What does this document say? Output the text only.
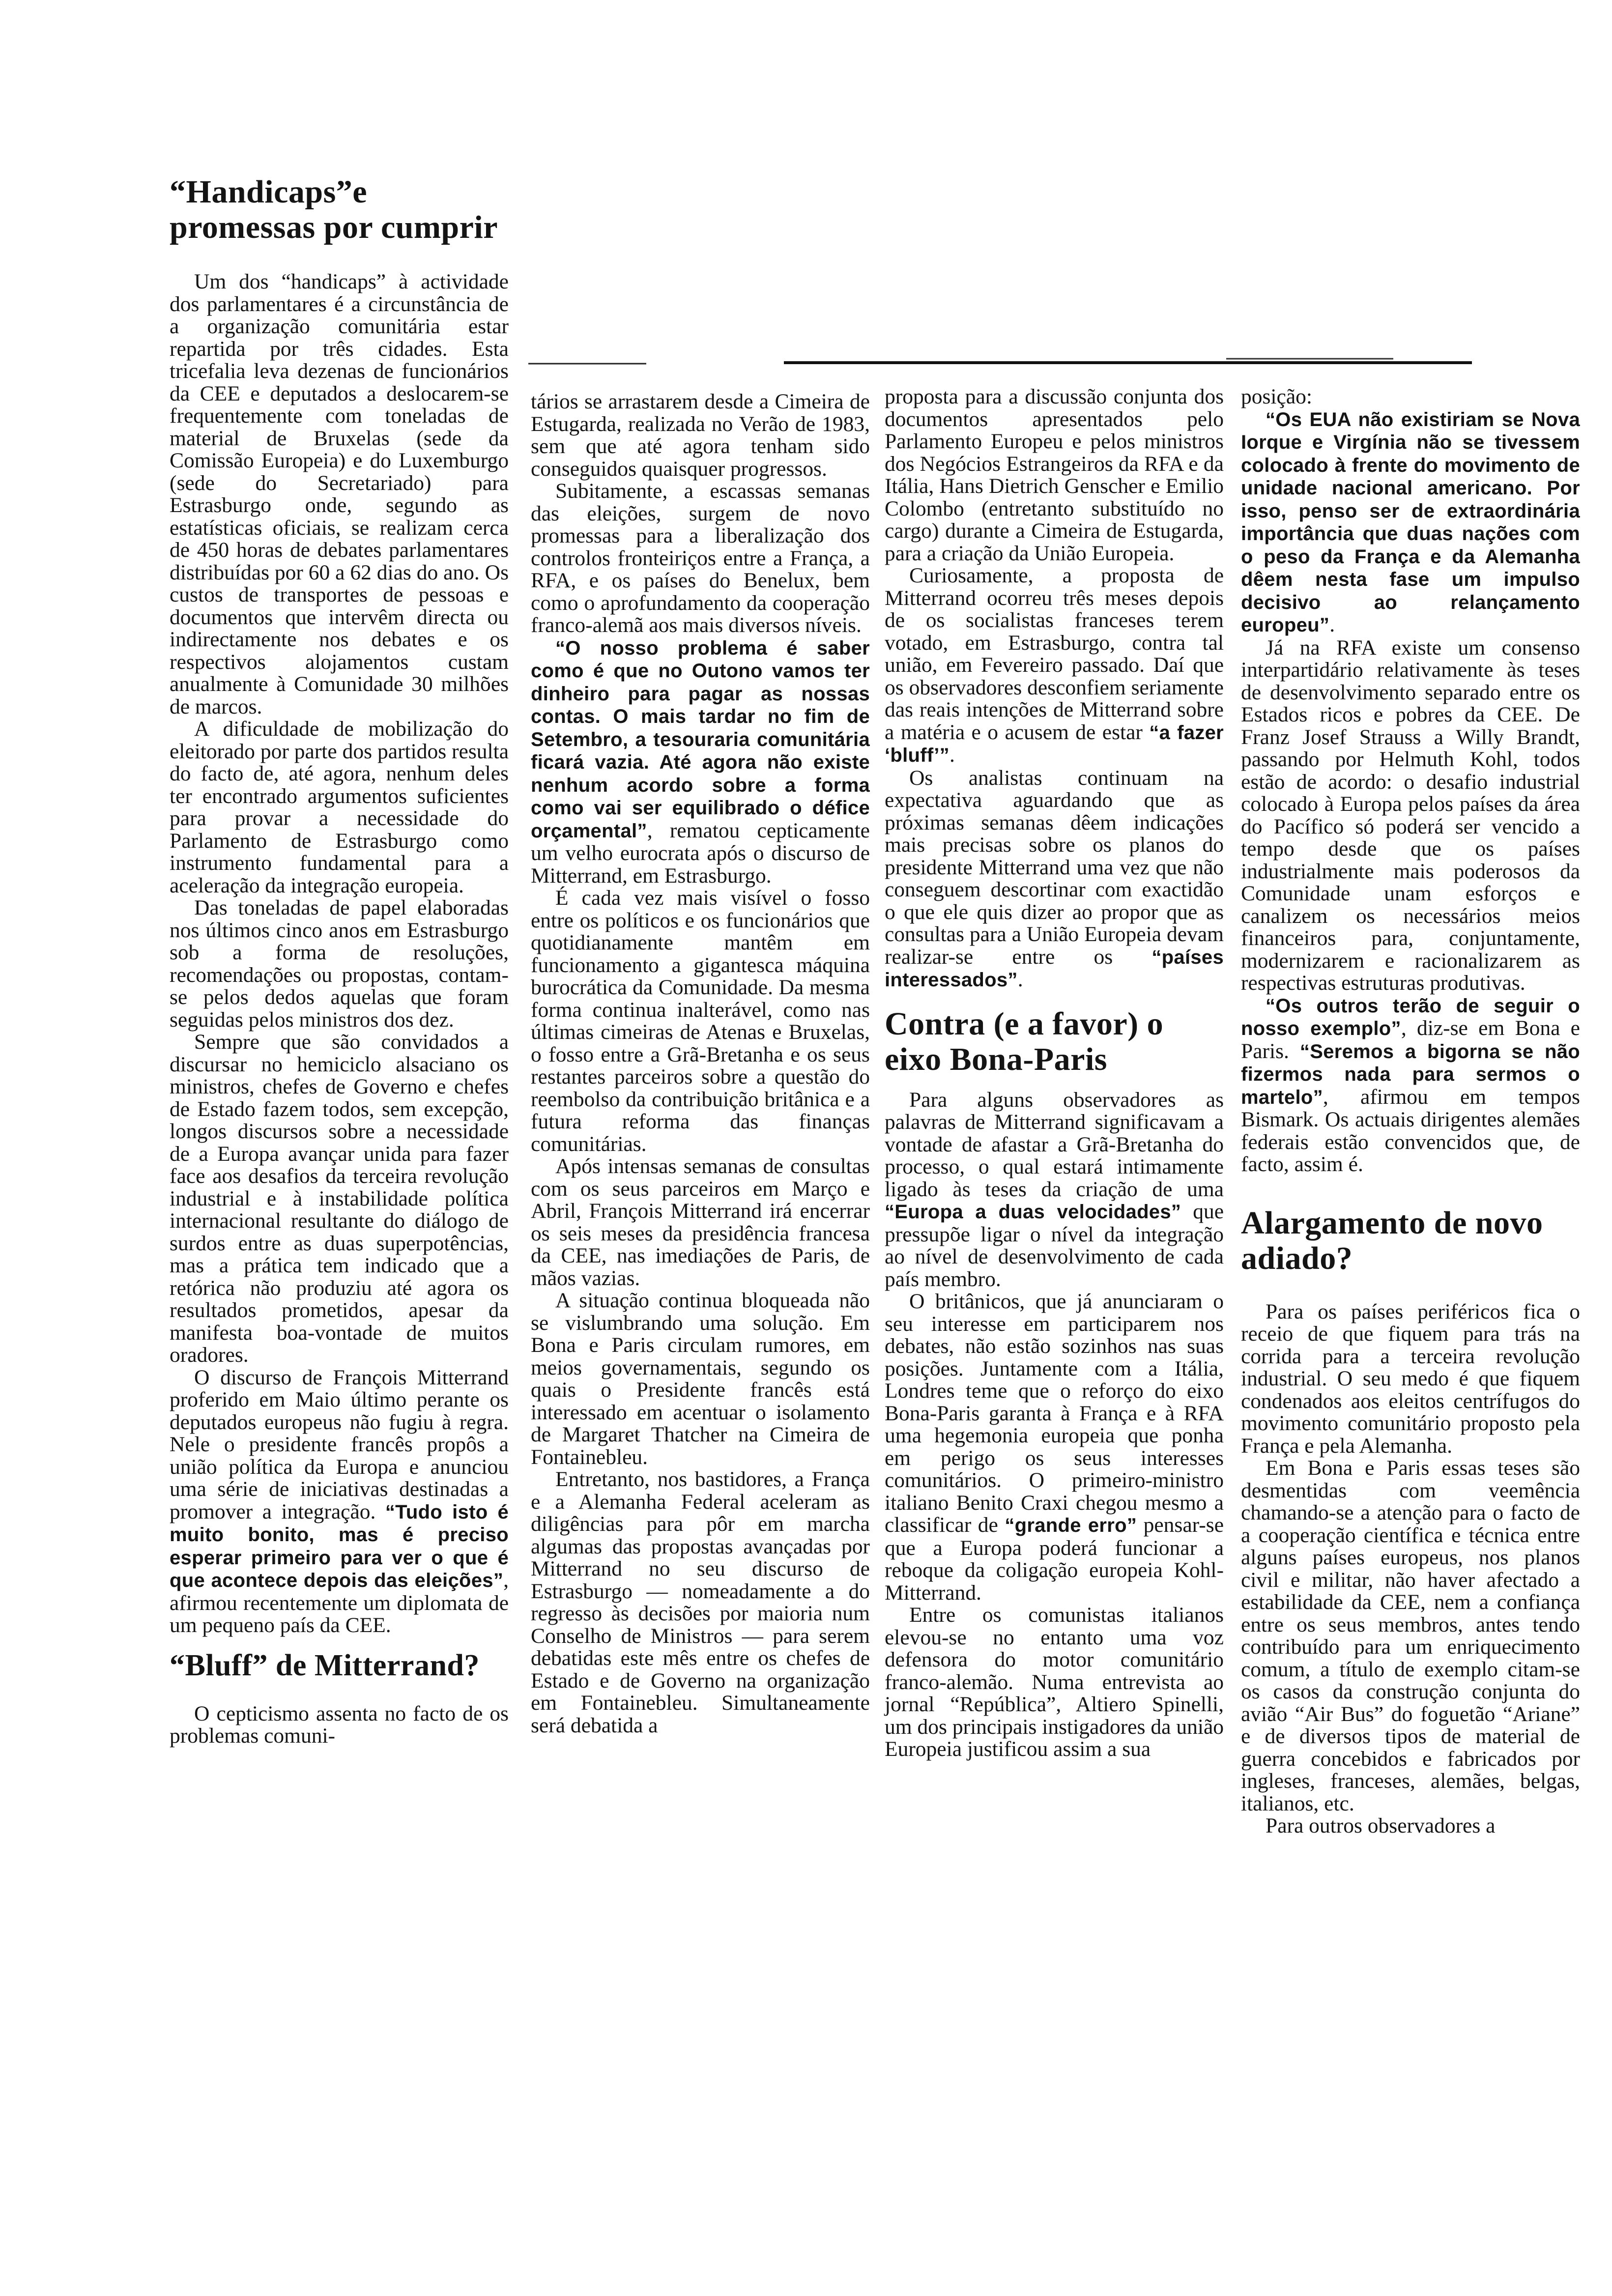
“Handicaps”e promessas por cumprir

Um dos “handicaps” à actividade dos parlamentares é a circunstância de a organização comunitária estar repartida por três cidades. Esta tricefalia leva dezenas de funcionários da CEE e deputados a deslocarem-se frequentemente com toneladas de material de Bruxelas (sede da Comissão Europeia) e do Luxemburgo (sede do Secretariado) para Estrasburgo onde, segundo as estatísticas oficiais, se realizam cerca de 450 horas de debates parlamentares distribuídas por 60 a 62 dias do ano. Os custos de transportes de pessoas e documentos que intervêm directa ou indirectamente nos debates e os respectivos alojamentos custam anualmente à Comunidade 30 milhões de marcos.

A dificuldade de mobilização do eleitorado por parte dos partidos resulta do facto de, até agora, nenhum deles ter encontrado argumentos suficientes para provar a necessidade do Parlamento de Estrasburgo como instrumento fundamental para a aceleração da integração europeia.

Das toneladas de papel elaboradas nos últimos cinco anos em Estrasburgo sob a forma de resoluções, recomendações ou propostas, contam-se pelos dedos aquelas que foram seguidas pelos ministros dos dez.

Sempre que são convidados a discursar no hemiciclo alsaciano os ministros, chefes de Governo e chefes de Estado fazem todos, sem excepção, longos discursos sobre a necessidade de a Europa avançar unida para fazer face aos desafios da terceira revolução industrial e à instabilidade política internacional resultante do diálogo de surdos entre as duas superpotências, mas a prática tem indicado que a retórica não produziu até agora os resultados prometidos, apesar da manifesta boa-vontade de muitos oradores.

O discurso de François Mitterrand proferido em Maio último perante os deputados europeus não fugiu à regra. Nele o presidente francês propôs a união política da Europa e anunciou uma série de iniciativas destinadas a promover a integração. “Tudo isto é muito bonito, mas é preciso esperar primeiro para ver o que é que acontece depois das eleições”, afirmou recentemente um diplomata de um pequeno país da CEE.

“Bluff” de Mitterrand?

O cepticismo assenta no facto de os problemas comuni-

tários se arrastarem desde a Cimeira de Estugarda, realizada no Verão de 1983, sem que até agora tenham sido conseguidos quaisquer progressos.

Subitamente, a escassas semanas das eleições, surgem de novo promessas para a liberalização dos controlos fronteiriços entre a França, a RFA, e os países do Benelux, bem como o aprofundamento da cooperação franco-alemã aos mais diversos níveis.

“O nosso problema é saber como é que no Outono vamos ter dinheiro para pagar as nossas contas. O mais tardar no fim de Setembro, a tesouraria comunitária ficará vazia. Até agora não existe nenhum acordo sobre a forma como vai ser equilibrado o défice orçamental”, rematou cepticamente um velho eurocrata após o discurso de Mitterrand, em Estrasburgo.

É cada vez mais visível o fosso entre os políticos e os funcionários que quotidianamente mantêm em funcionamento a gigantesca máquina burocrática da Comunidade. Da mesma forma continua inalterável, como nas últimas cimeiras de Atenas e Bruxelas, o fosso entre a Grã-Bretanha e os seus restantes parceiros sobre a questão do reembolso da contribuição britânica e a futura reforma das finanças comunitárias.

Após intensas semanas de consultas com os seus parceiros em Março e Abril, François Mitterrand irá encerrar os seis meses da presidência francesa da CEE, nas imediações de Paris, de mãos vazias.

A situação continua bloqueada não se vislumbrando uma solução. Em Bona e Paris circulam rumores, em meios governamentais, segundo os quais o Presidente francês está interessado em acentuar o isolamento de Margaret Thatcher na Cimeira de Fontainebleu.

Entretanto, nos bastidores, a França e a Alemanha Federal aceleram as diligências para pôr em marcha algumas das propostas avançadas por Mitterrand no seu discurso de Estrasburgo — nomeadamente a do regresso às decisões por maioria num Conselho de Ministros — para serem debatidas este mês entre os chefes de Estado e de Governo na organização em Fontainebleu. Simultaneamente será debatida a

proposta para a discussão conjunta dos documentos apresentados pelo Parlamento Europeu e pelos ministros dos Negócios Estrangeiros da RFA e da Itália, Hans Dietrich Genscher e Emilio Colombo (entretanto substituído no cargo) durante a Cimeira de Estugarda, para a criação da União Europeia.

Curiosamente, a proposta de Mitterrand ocorreu três meses depois de os socialistas franceses terem votado, em Estrasburgo, contra tal união, em Fevereiro passado. Daí que os observadores desconfiem seriamente das reais intenções de Mitterrand sobre a matéria e o acusem de estar “a fazer ‘bluff’”.

Os analistas continuam na expectativa aguardando que as próximas semanas dêem indicações mais precisas sobre os planos do presidente Mitterrand uma vez que não conseguem descortinar com exactidão o que ele quis dizer ao propor que as consultas para a União Europeia devam realizar-se entre os “países interessados”.

Contra (e a favor) o eixo Bona-Paris

Para alguns observadores as palavras de Mitterrand significavam a vontade de afastar a Grã-Bretanha do processo, o qual estará intimamente ligado às teses da criação de uma “Europa a duas velocidades” que pressupõe ligar o nível da integração ao nível de desenvolvimento de cada país membro.

O britânicos, que já anunciaram o seu interesse em participarem nos debates, não estão sozinhos nas suas posições. Juntamente com a Itália, Londres teme que o reforço do eixo Bona-Paris garanta à França e à RFA uma hegemonia europeia que ponha em perigo os seus interesses comunitários. O primeiro-ministro italiano Benito Craxi chegou mesmo a classificar de “grande erro” pensar-se que a Europa poderá funcionar a reboque da coligação europeia Kohl-Mitterrand.

Entre os comunistas italianos elevou-se no entanto uma voz defensora do motor comunitário franco-alemão. Numa entrevista ao jornal “República”, Altiero Spinelli, um dos principais instigadores da união Europeia justificou assim a sua

posição:

“Os EUA não existiriam se Nova Iorque e Virgínia não se tivessem colocado à frente do movimento de unidade nacional americano. Por isso, penso ser de extraordinária importância que duas nações com o peso da França e da Alemanha dêem nesta fase um impulso decisivo ao relançamento europeu”.

Já na RFA existe um consenso interpartidário relativamente às teses de desenvolvimento separado entre os Estados ricos e pobres da CEE. De Franz Josef Strauss a Willy Brandt, passando por Helmuth Kohl, todos estão de acordo: o desafio industrial colocado à Europa pelos países da área do Pacífico só poderá ser vencido a tempo desde que os países industrialmente mais poderosos da Comunidade unam esforços e canalizem os necessários meios financeiros para, conjuntamente, modernizarem e racionalizarem as respectivas estruturas produtivas.

“Os outros terão de seguir o nosso exemplo”, diz-se em Bona e Paris. “Seremos a bigorna se não fizermos nada para sermos o martelo”, afirmou em tempos Bismark. Os actuais dirigentes alemães federais estão convencidos que, de facto, assim é.

Alargamento de novo adiado?

Para os países periféricos fica o receio de que fiquem para trás na corrida para a terceira revolução industrial. O seu medo é que fiquem condenados aos eleitos centrífugos do movimento comunitário proposto pela França e pela Alemanha.

Em Bona e Paris essas teses são desmentidas com veemência chamando-se a atenção para o facto de a cooperação científica e técnica entre alguns países europeus, nos planos civil e militar, não haver afectado a estabilidade da CEE, nem a confiança entre os seus membros, antes tendo contribuído para um enriquecimento comum, a título de exemplo citam-se os casos da construção conjunta do avião “Air Bus” do foguetão “Ariane” e de diversos tipos de material de guerra concebidos e fabricados por ingleses, franceses, alemães, belgas, italianos, etc.

Para outros observadores a
